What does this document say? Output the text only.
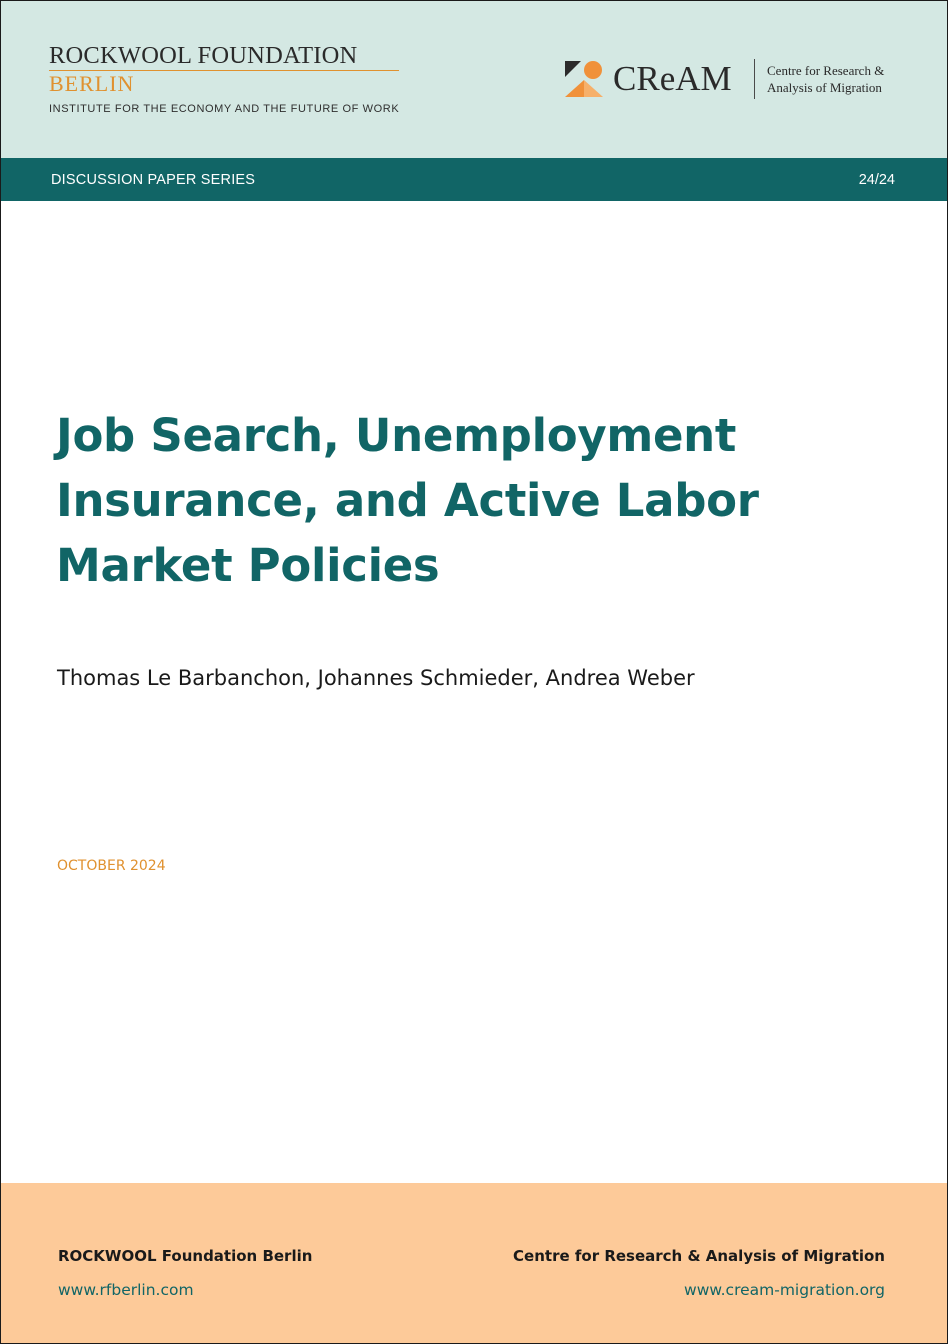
ROCKWOOL FOUNDATION
BERLIN
INSTITUTE FOR THE ECONOMY AND THE FUTURE OF WORK
CReAM	Centre for Research &
Analysis of Migration
DISCUSSION PAPER SERIES	24/24
Job Search, Unemployment
Insurance, and Active Labor
Market Policies
Thomas Le Barbanchon, Johannes Schmieder, Andrea Weber
OCTOBER 2024
ROCKWOOL Foundation Berlin
www.rfberlin.com
Centre for Research & Analysis of Migration
www.cream-migration.org
